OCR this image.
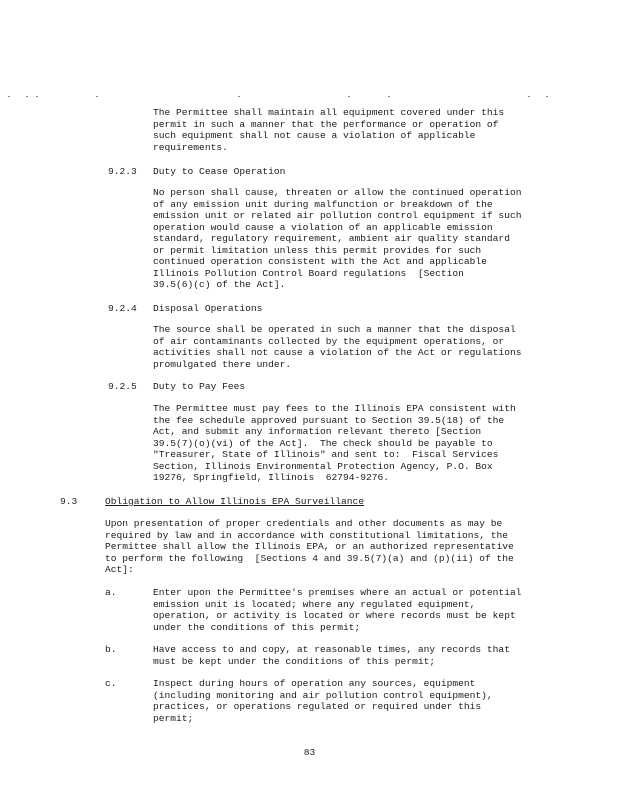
The Permittee shall maintain all equipment covered under this
permit in such a manner that the performance or operation of
such equipment shall not cause a violation of applicable
requirements.
9.2.3 Duty to Cease Operation
No person shall cause, threaten or allow the continued operation
of any emission unit during malfunction or breakdown of the
emission unit or related air pollution control equipment if such
operation would cause a violation of an applicable emission
standard, regulatory requirement, ambient air quality standard
or permit limitation unless this permit provides for such
continued operation consistent with the Act and applicable
Illinois Pollution Control Board regulations  [Section
39.5(6)(c) of the Act].
9.2.4 Disposal Operations
The source shall be operated in such a manner that the disposal
of air contaminants collected by the equipment operations, or
activities shall not cause a violation of the Act or regulations
promulgated there under.
9.2.5 Duty to Pay Fees
The Permittee must pay fees to the Illinois EPA consistent with
the fee schedule approved pursuant to Section 39.5(18) of the
Act, and submit any information relevant thereto [Section
39.5(7)(o)(vi) of the Act].  The check should be payable to
"Treasurer, State of Illinois" and sent to:  Fiscal Services
Section, Illinois Environmental Protection Agency, P.O. Box
19276, Springfield, Illinois  62794-9276.
9.3	Obligation to Allow Illinois EPA Surveillance
Upon presentation of proper credentials and other documents as may be
required by law and in accordance with constitutional limitations, the
Permittee shall allow the Illinois EPA, or an authorized representative
to perform the following  [Sections 4 and 39.5(7)(a) and (p)(ii) of the
Act]:
a.	Enter upon the Permittee's premises where an actual or potential
emission unit is located; where any regulated equipment,
operation, or activity is located or where records must be kept
under the conditions of this permit;
b.	Have access to and copy, at reasonable times, any records that
must be kept under the conditions of this permit;
c.	Inspect during hours of operation any sources, equipment
(including monitoring and air pollution control equipment),
practices, or operations regulated or required under this
permit;
83
